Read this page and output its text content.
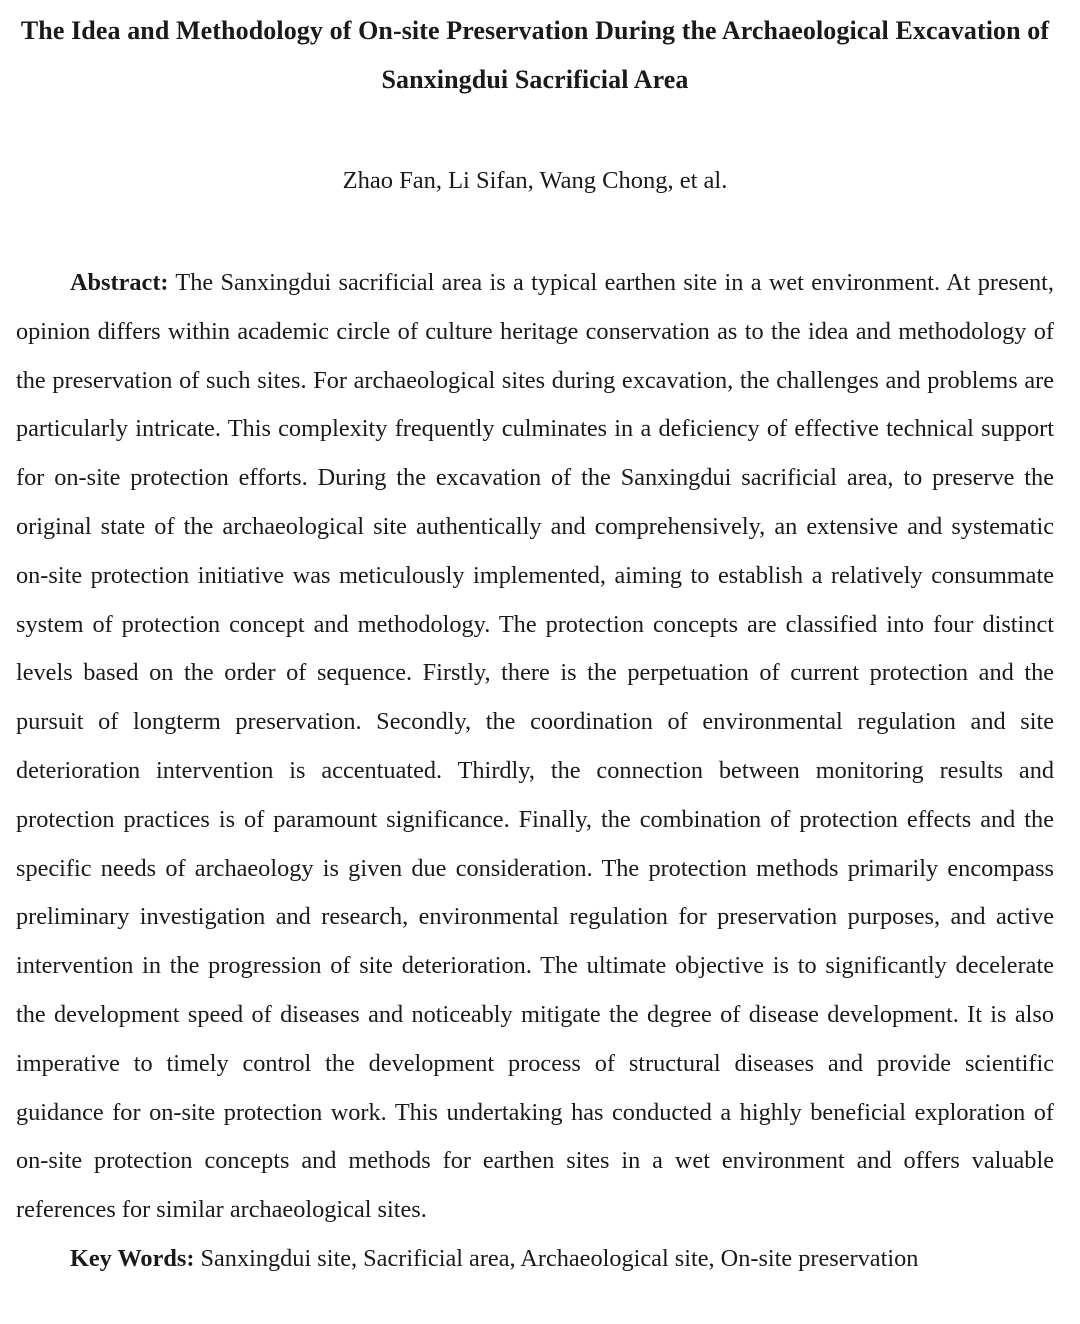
The Idea and Methodology of On-site Preservation During the Archaeological Excavation of Sanxingdui Sacrificial Area

Zhao Fan, Li Sifan, Wang Chong, et al.

Abstract: The Sanxingdui sacrificial area is a typical earthen site in a wet environment. At present, opinion differs within academic circle of culture heritage conservation as to the idea and methodology of the preservation of such sites. For archaeological sites during excavation, the challenges and problems are particularly intricate. This complexity frequently culminates in a deficiency of effective technical support for on-site protection efforts. During the excavation of the Sanxingdui sacrificial area, to preserve the original state of the archaeological site authentically and comprehensively, an extensive and systematic on-site protection initiative was meticulously implemented, aiming to establish a relatively consummate system of protection concept and methodology. The protection concepts are classified into four distinct levels based on the order of sequence. Firstly, there is the perpetuation of current protection and the pursuit of longterm preservation. Secondly, the coordination of environmental regulation and site deterioration intervention is accentuated. Thirdly, the connection between monitoring results and protection practices is of paramount significance. Finally, the combination of protection effects and the specific needs of archaeology is given due consideration. The protection methods primarily encompass preliminary investigation and research, environmental regulation for preservation purposes, and active intervention in the progression of site deterioration. The ultimate objective is to significantly decelerate the development speed of diseases and noticeably mitigate the degree of disease development. It is also imperative to timely control the development process of structural diseases and provide scientific guidance for on-site protection work. This undertaking has conducted a highly beneficial exploration of on-site protection concepts and methods for earthen sites in a wet environment and offers valuable references for similar archaeological sites.

Key Words: Sanxingdui site, Sacrificial area, Archaeological site, On-site preservation
